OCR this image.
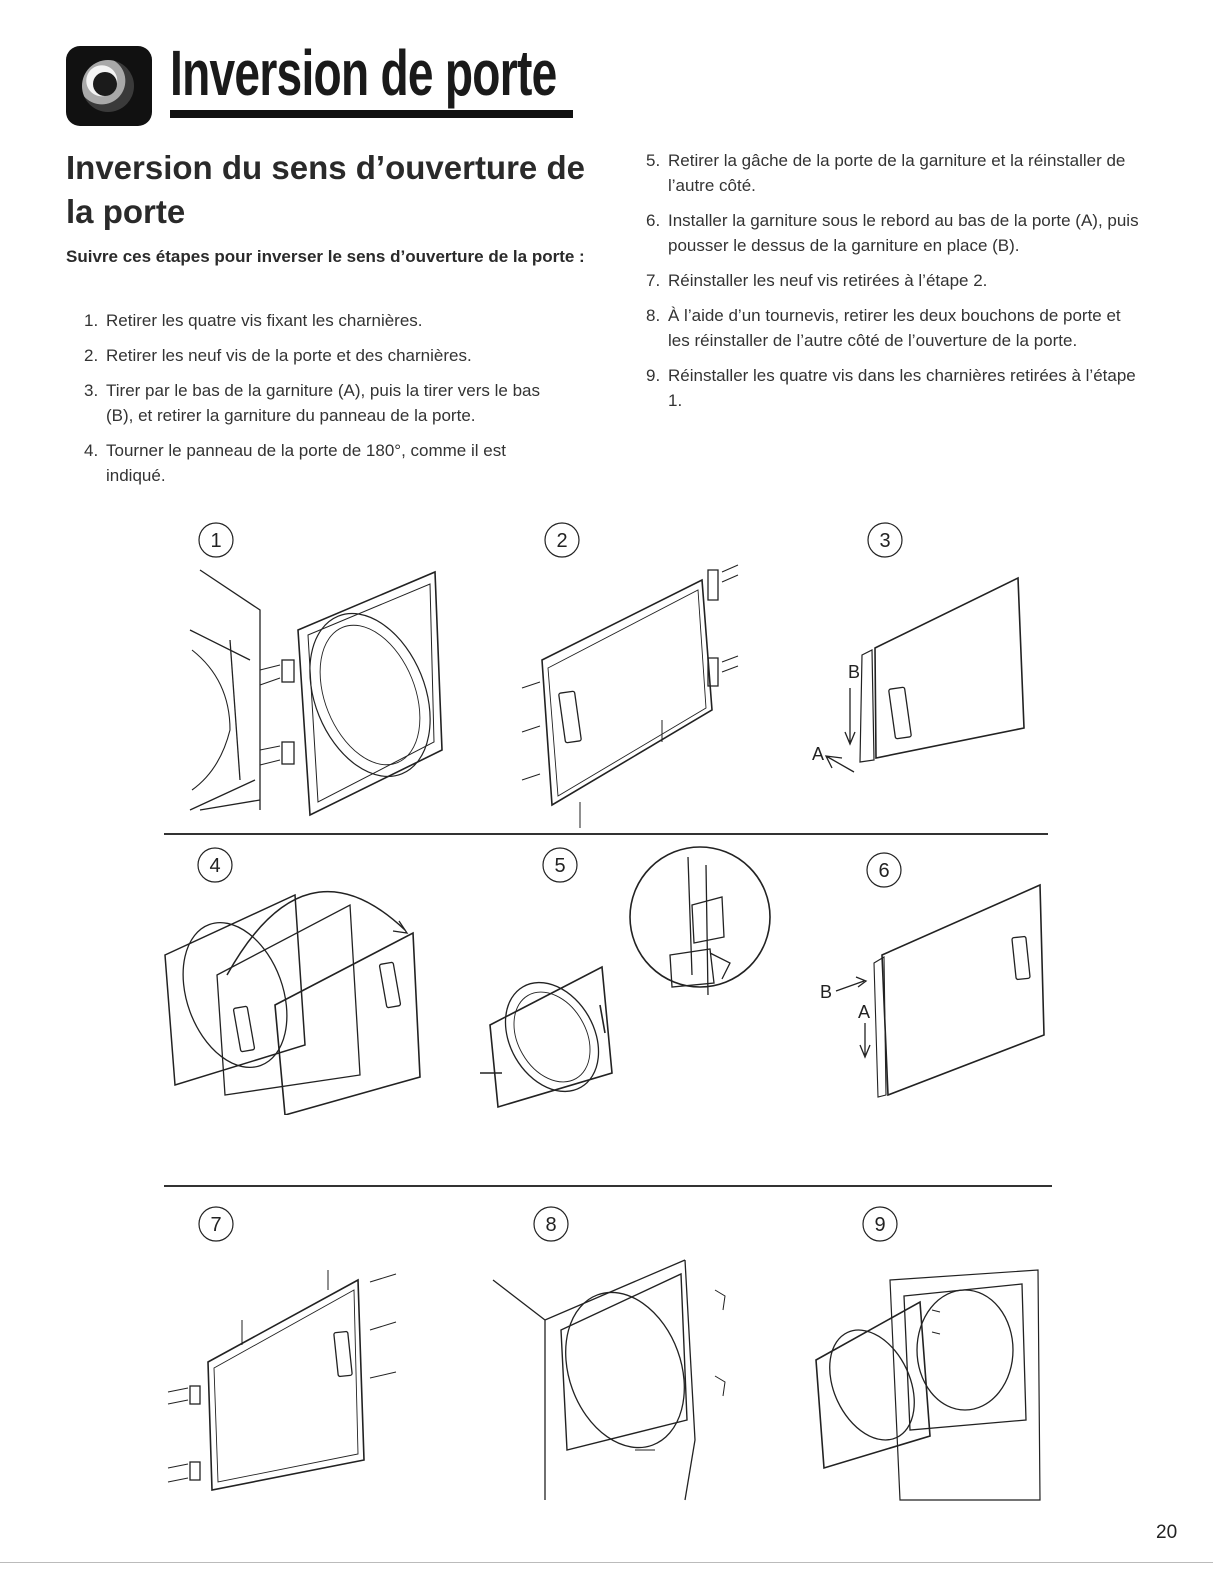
Inversion de porte
Inversion du sens d’ouverture de la porte
Suivre ces étapes pour inverser le sens d’ouverture de la porte :
1. Retirer les quatre vis fixant les charnières.
2. Retirer les neuf vis de la porte et des charnières.
3. Tirer par le bas de la garniture (A), puis la tirer vers le bas (B), et retirer la garniture du panneau de la porte.
4. Tourner le panneau de la porte de 180°, comme il est indiqué.
5. Retirer la gâche de la porte de la garniture et la réinstaller de l’autre côté.
6. Installer la garniture sous le rebord au bas de la porte (A), puis pousser le dessus de la garniture en place (B).
7. Réinstaller les neuf vis retirées à l’étape 2.
8. À l’aide d’un tournevis, retirer les deux bouchons de porte et les réinstaller de l’autre côté de l’ouverture de la porte.
9. Réinstaller les quatre vis dans les charnières retirées à l’étape 1.
1	2	3
B
A
4	5	6
B
A
7	8	9
20
